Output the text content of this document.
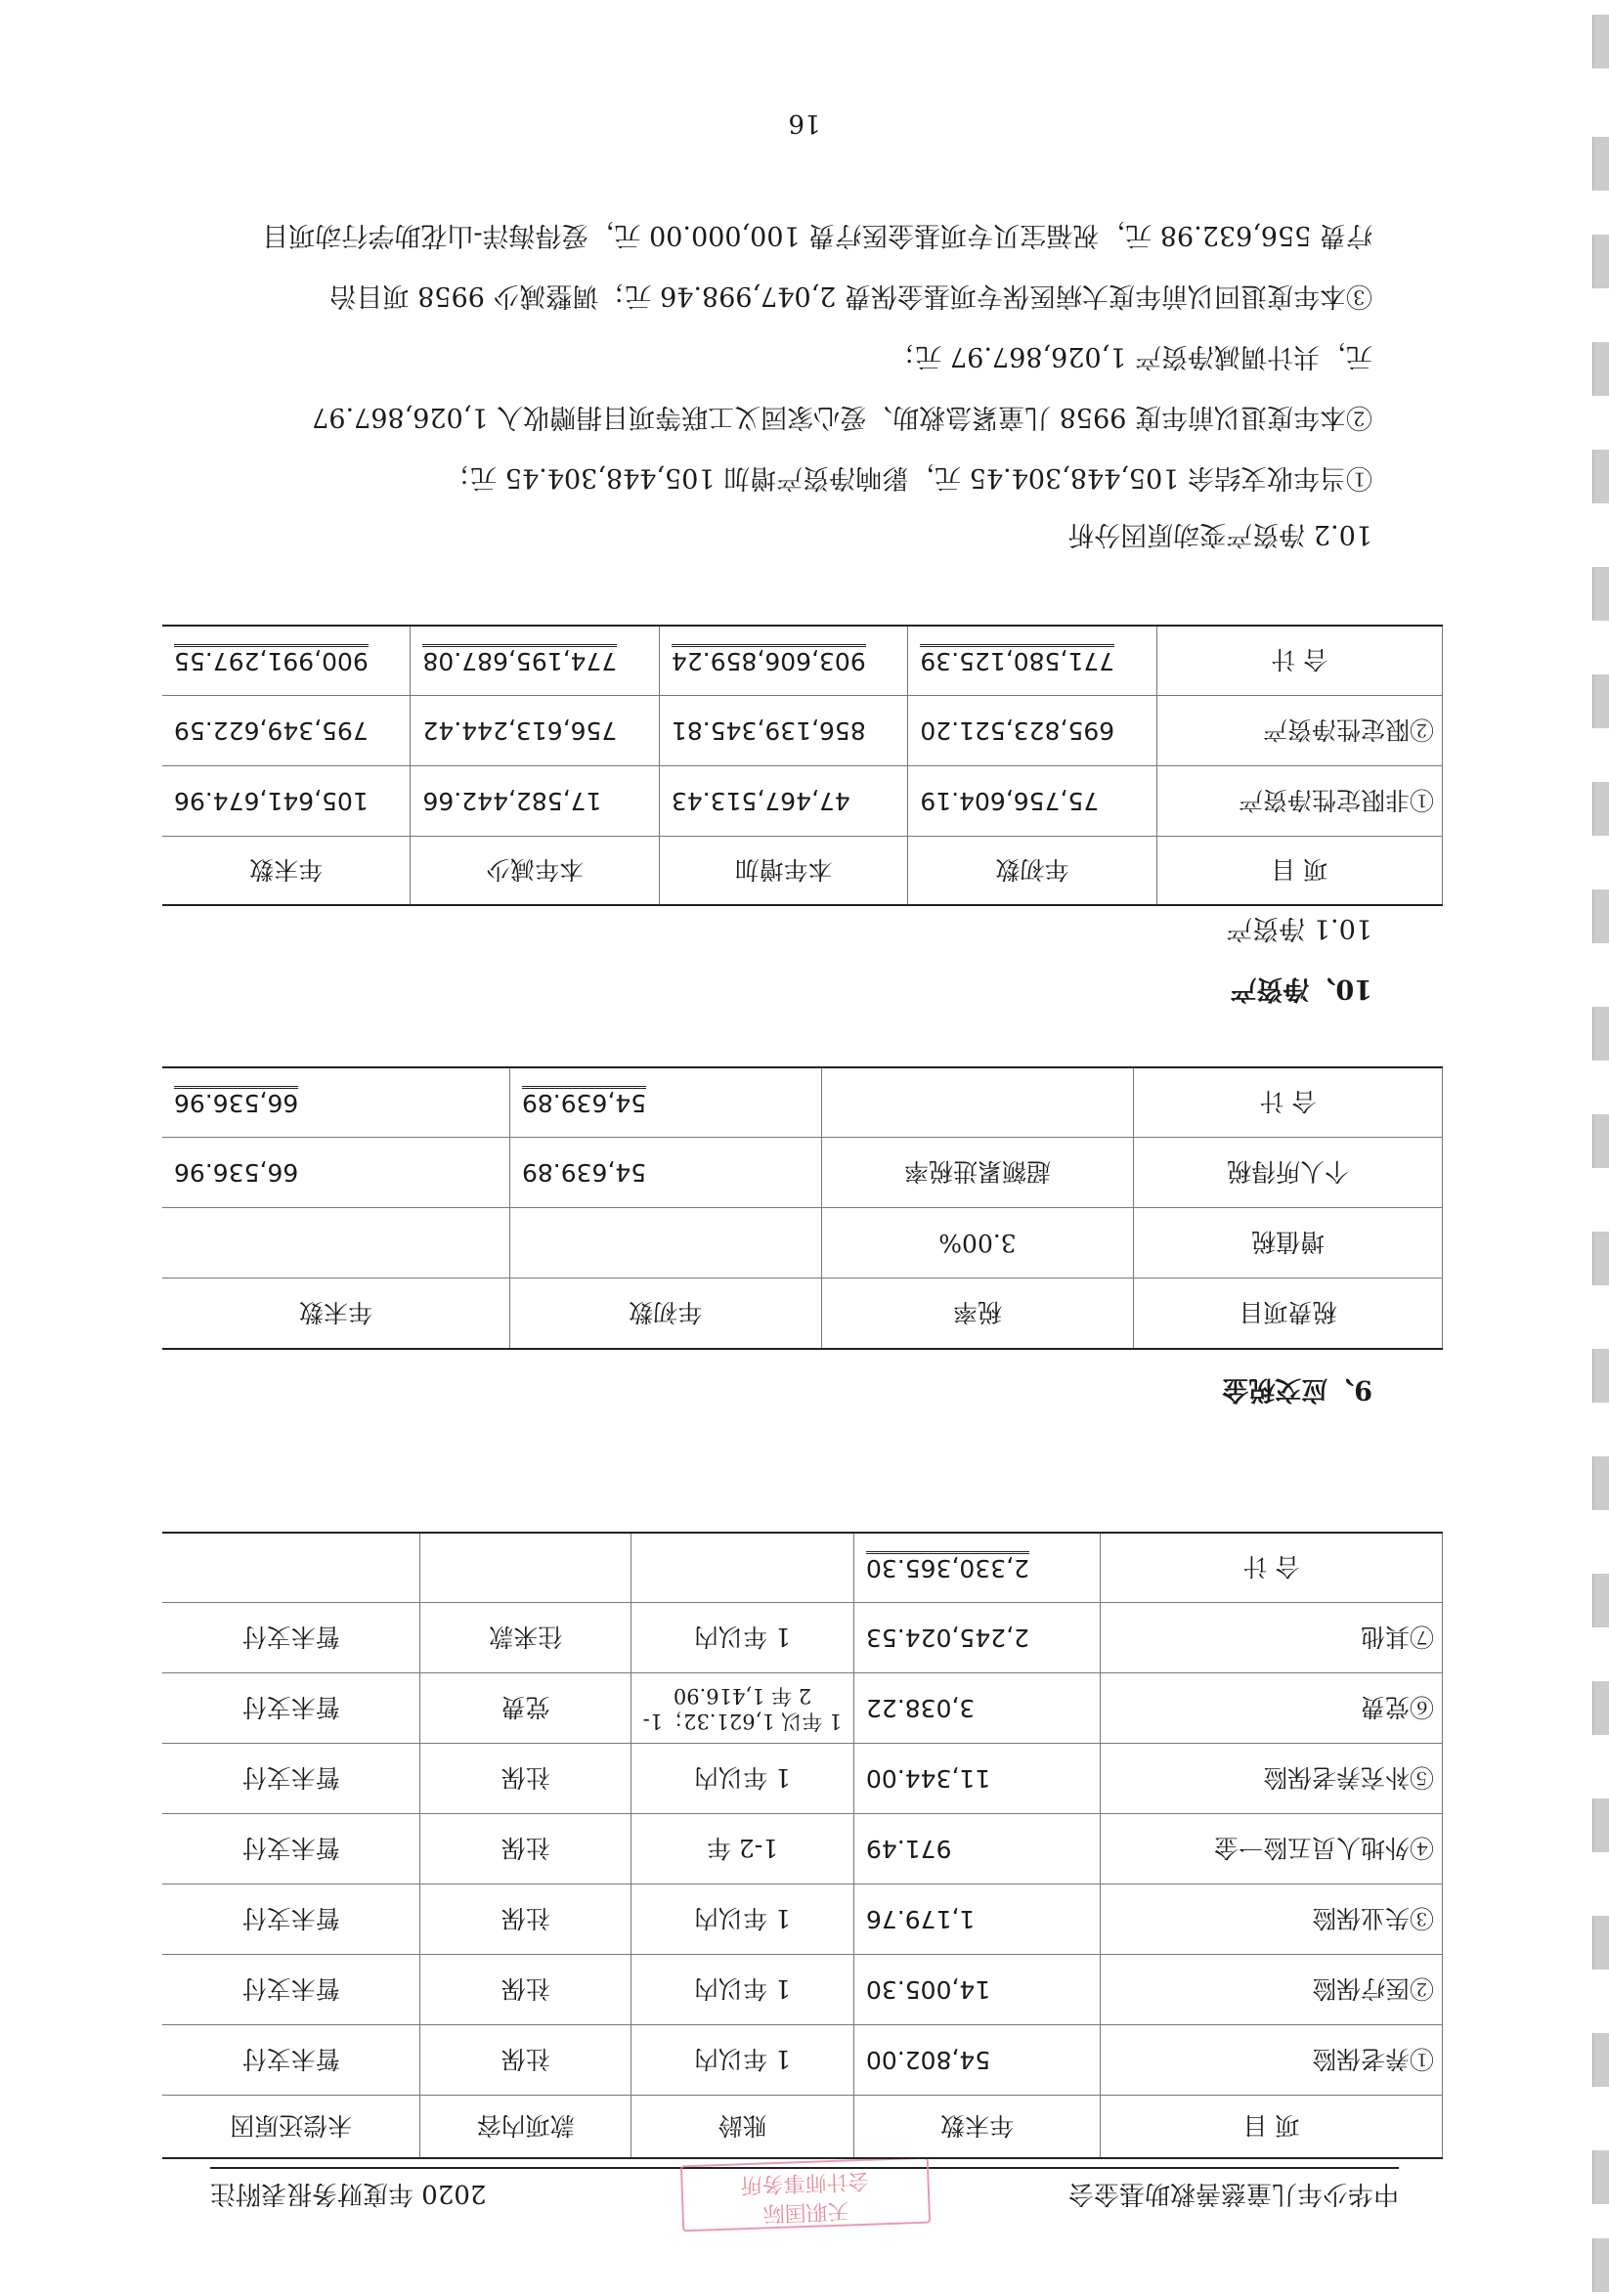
中华少年儿童慈善救助基金会
天职国际
会计师事务所
2020 年度财务报表附注
项 目	年末数	账龄	款项内容	未偿还原因
①养老保险	54,802.00	1 年以内	社保	暂未支付
②医疗保险	14,005.30	1 年以内	社保	暂未支付
③失业保险	1,179.76	1 年以内	社保	暂未支付
④外地人员五险一金	971.49	1-2 年	社保	暂未支付
⑤补充养老保险	11,344.00	1 年以内	社保	暂未支付
⑥党费	3,038.22	1 年以 1,621.32；1-2 年 1,416.90	党费	暂未支付
⑦其他	2,245,024.53	1 年以内	往来款	暂未支付
合 计	2,330,365.30			
9、应交税金
税费项目	税率	年初数	年末数
增值税	3.00%		
个人所得税	超额累进税率	54,639.89	66,536.96
合 计		54,639.89	66,536.96
10、净资产
10.1 净资产
项 目	年初数	本年增加	本年减少	年末数
①非限定性净资产	75,756,604.19	47,467,513.43	17,582,442.66	105,641,674.96
②限定性净资产	695,823,521.20	856,139,345.81	756,613,244.42	795,349,622.59
合 计	771,580,125.39	903,606,859.24	774,195,687.08	900,991,297.55
10.2 净资产变动原因分析
①当年收支结余 105,448,304.45 元，影响净资产增加 105,448,304.45 元；
②本年度退以前年度 9958 儿童紧急救助、爱心家园义工联等项目捐赠收入 1,026,867.97
元，共计调减净资产 1,026,867.97 元；
③本年度退回以前年度大病医保专项基金保费 2,047,998.46 元；调整减少 9958 项目治
疗费 556,632.98 元，祝福宝贝专项基金医疗费 100,000.00 元，爱得海洋-山花助学行动项目
16
